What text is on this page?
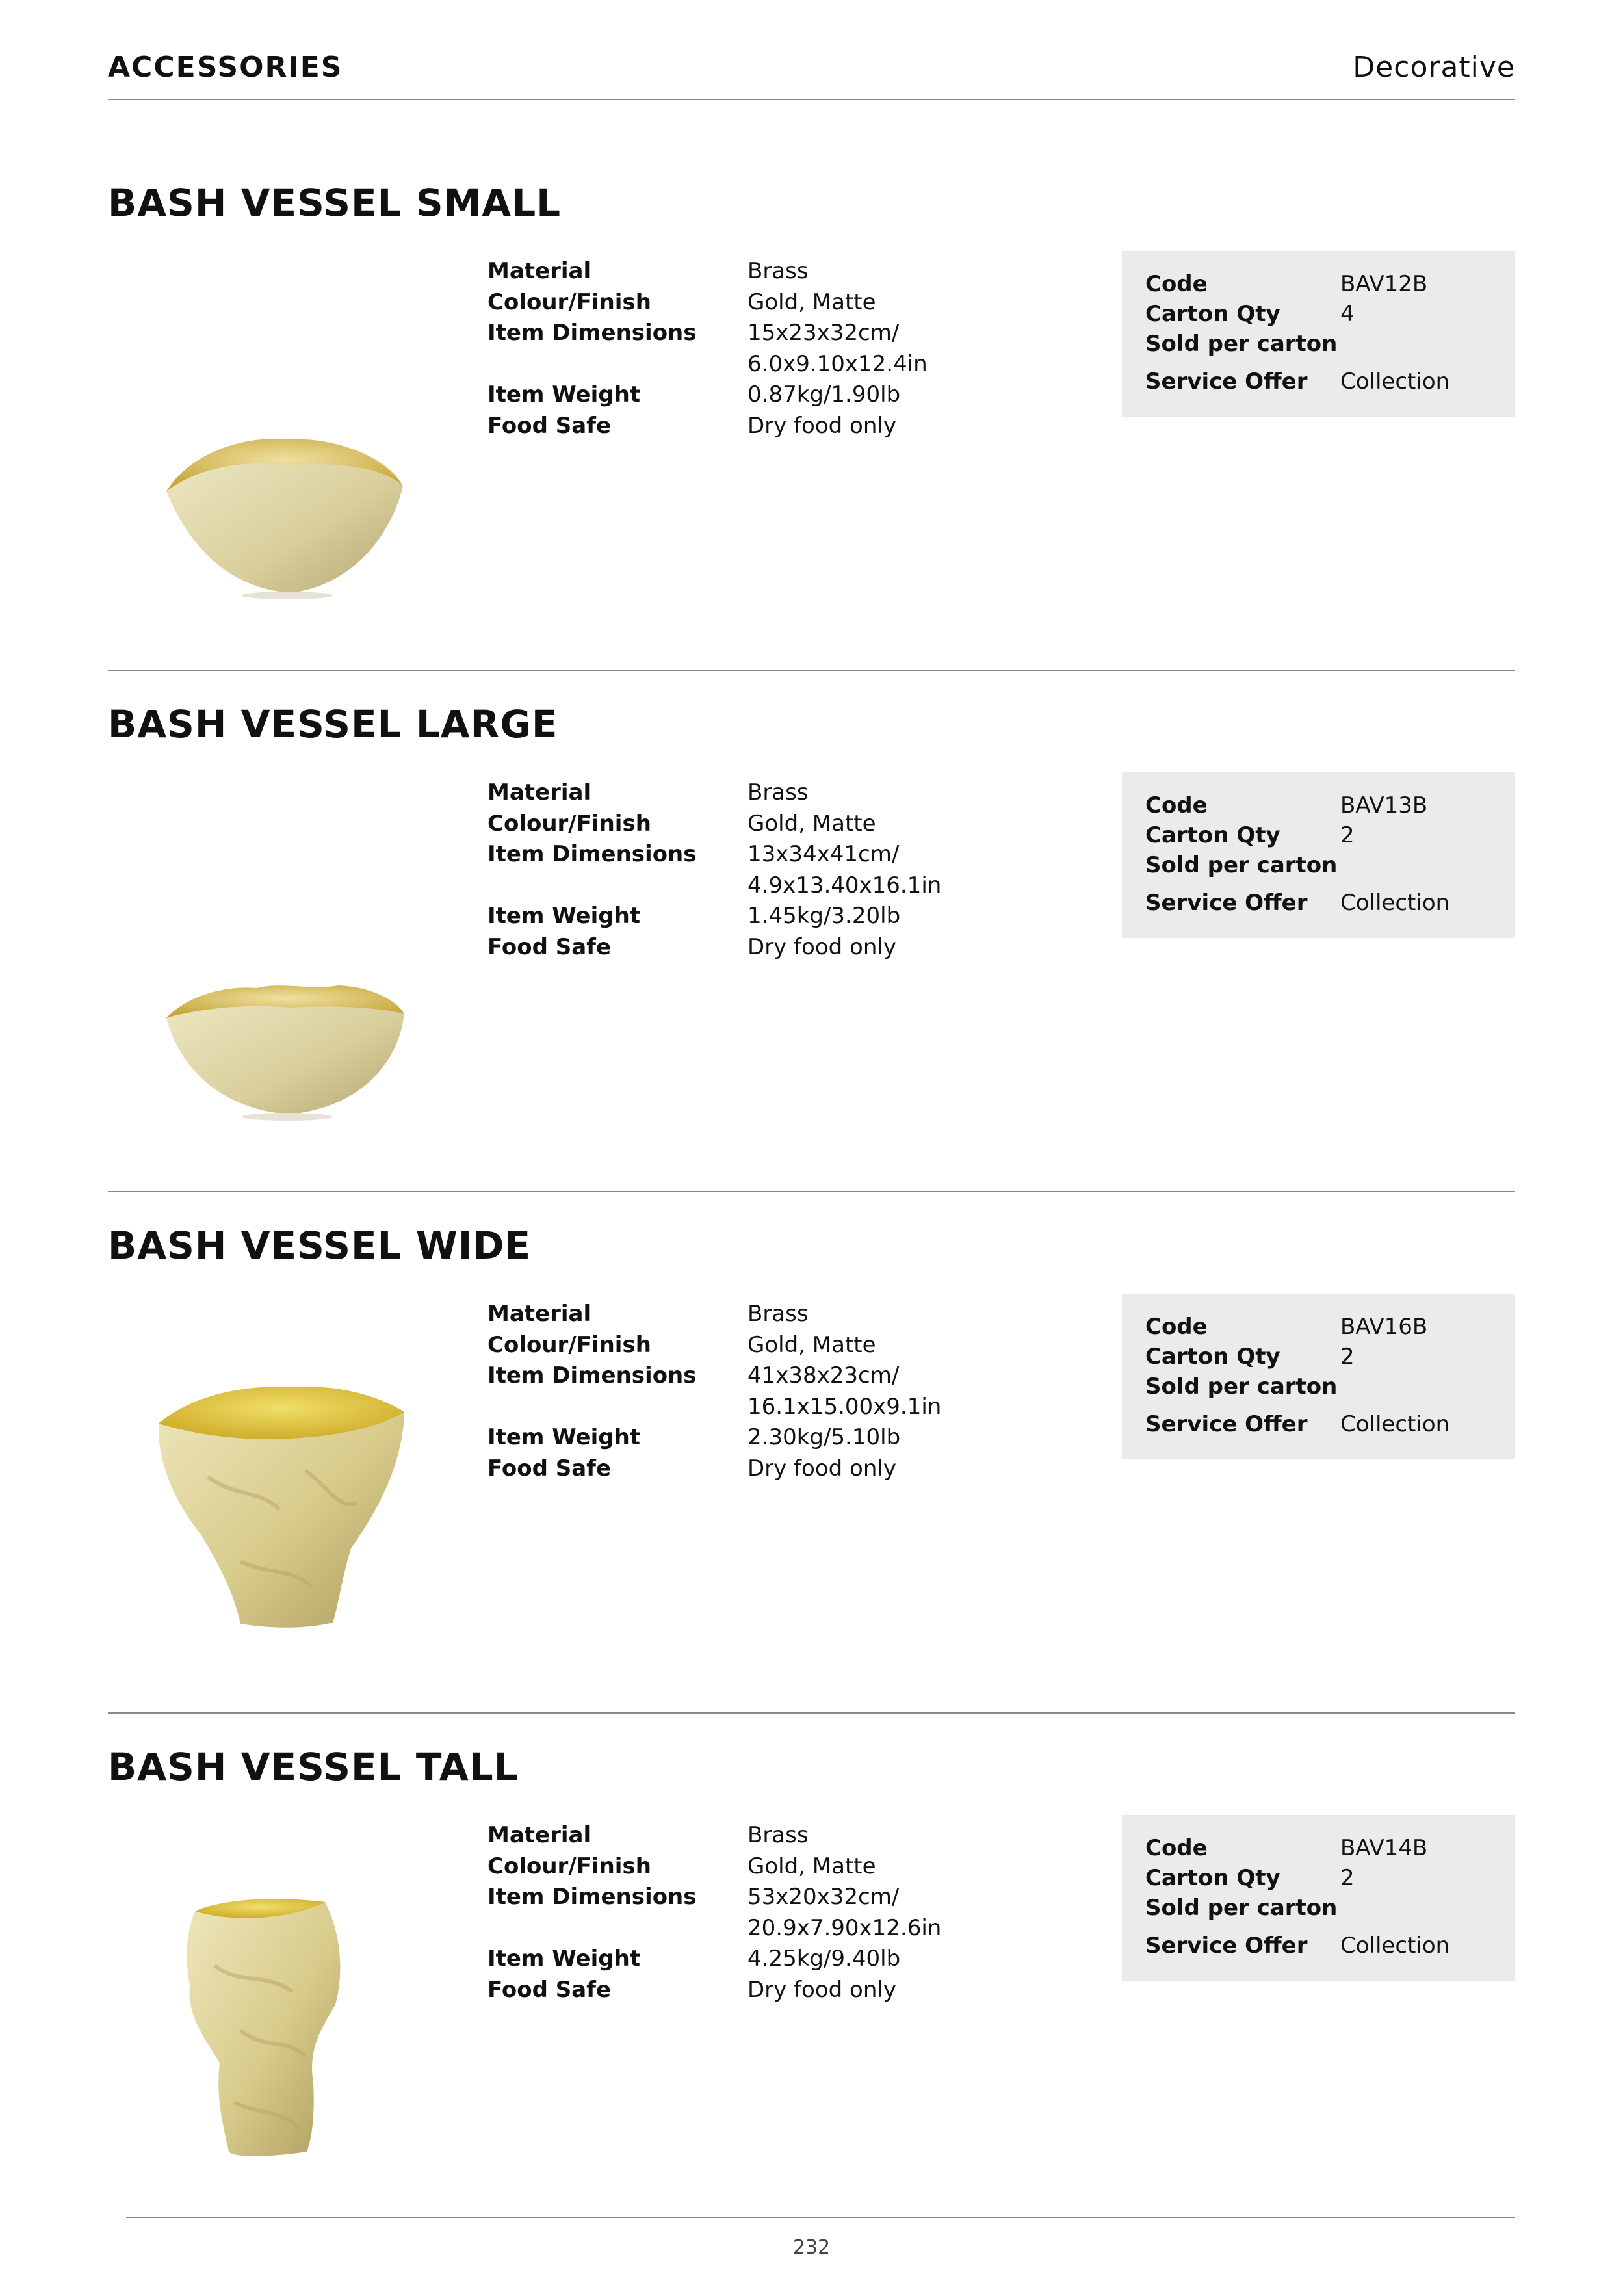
ACCESSORIES	Decorative
BASH VESSEL SMALL
Material	Brass
Colour/Finish	Gold, Matte
Item Dimensions	15x23x32cm/
6.0x9.10x12.4in
Item Weight	0.87kg/1.90lb
Food Safe	Dry food only
Code	BAV12B
Carton Qty	4
Sold per carton
Service Offer	Collection
BASH VESSEL LARGE
Material	Brass
Colour/Finish	Gold, Matte
Item Dimensions	13x34x41cm/
4.9x13.40x16.1in
Item Weight	1.45kg/3.20lb
Food Safe	Dry food only
Code	BAV13B
Carton Qty	2
Sold per carton
Service Offer	Collection
BASH VESSEL WIDE
Material	Brass
Colour/Finish	Gold, Matte
Item Dimensions	41x38x23cm/
16.1x15.00x9.1in
Item Weight	2.30kg/5.10lb
Food Safe	Dry food only
Code	BAV16B
Carton Qty	2
Sold per carton
Service Offer	Collection
BASH VESSEL TALL
Material	Brass
Colour/Finish	Gold, Matte
Item Dimensions	53x20x32cm/
20.9x7.90x12.6in
Item Weight	4.25kg/9.40lb
Food Safe	Dry food only
Code	BAV14B
Carton Qty	2
Sold per carton
Service Offer	Collection
232
